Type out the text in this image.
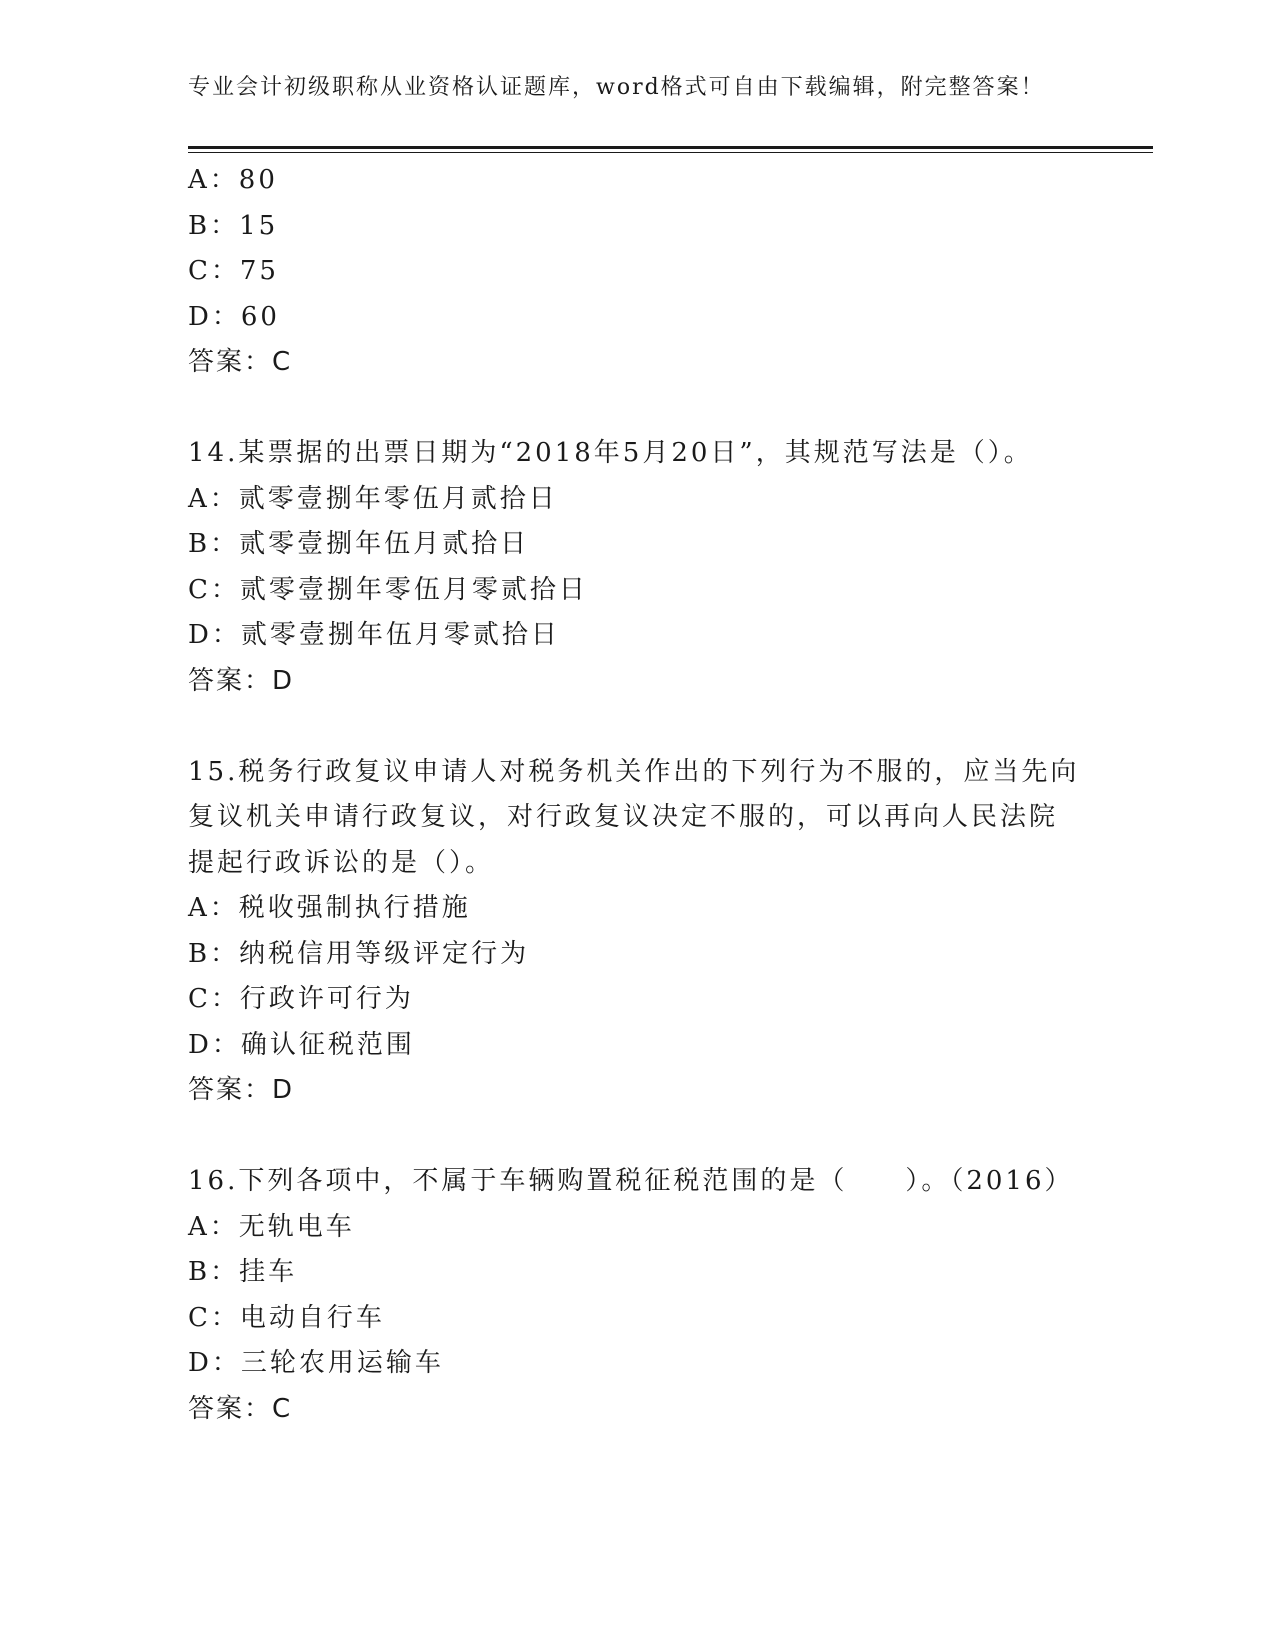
专业会计初级职称从业资格认证题库，word格式可自由下载编辑，附完整答案！
A：80
B：15
C：75
D：60
答案：C
14.某票据的出票日期为“2018年5月20日”，其规范写法是（）。
A：贰零壹捌年零伍月贰拾日
B：贰零壹捌年伍月贰拾日
C：贰零壹捌年零伍月零贰拾日
D：贰零壹捌年伍月零贰拾日
答案：D
15.税务行政复议申请人对税务机关作出的下列行为不服的，应当先向
复议机关申请行政复议，对行政复议决定不服的，可以再向人民法院
提起行政诉讼的是（）。
A：税收强制执行措施
B：纳税信用等级评定行为
C：行政许可行为
D：确认征税范围
答案：D
16.下列各项中，不属于车辆购置税征税范围的是（　　）。（2016）
A：无轨电车
B：挂车
C：电动自行车
D：三轮农用运输车
答案：C
